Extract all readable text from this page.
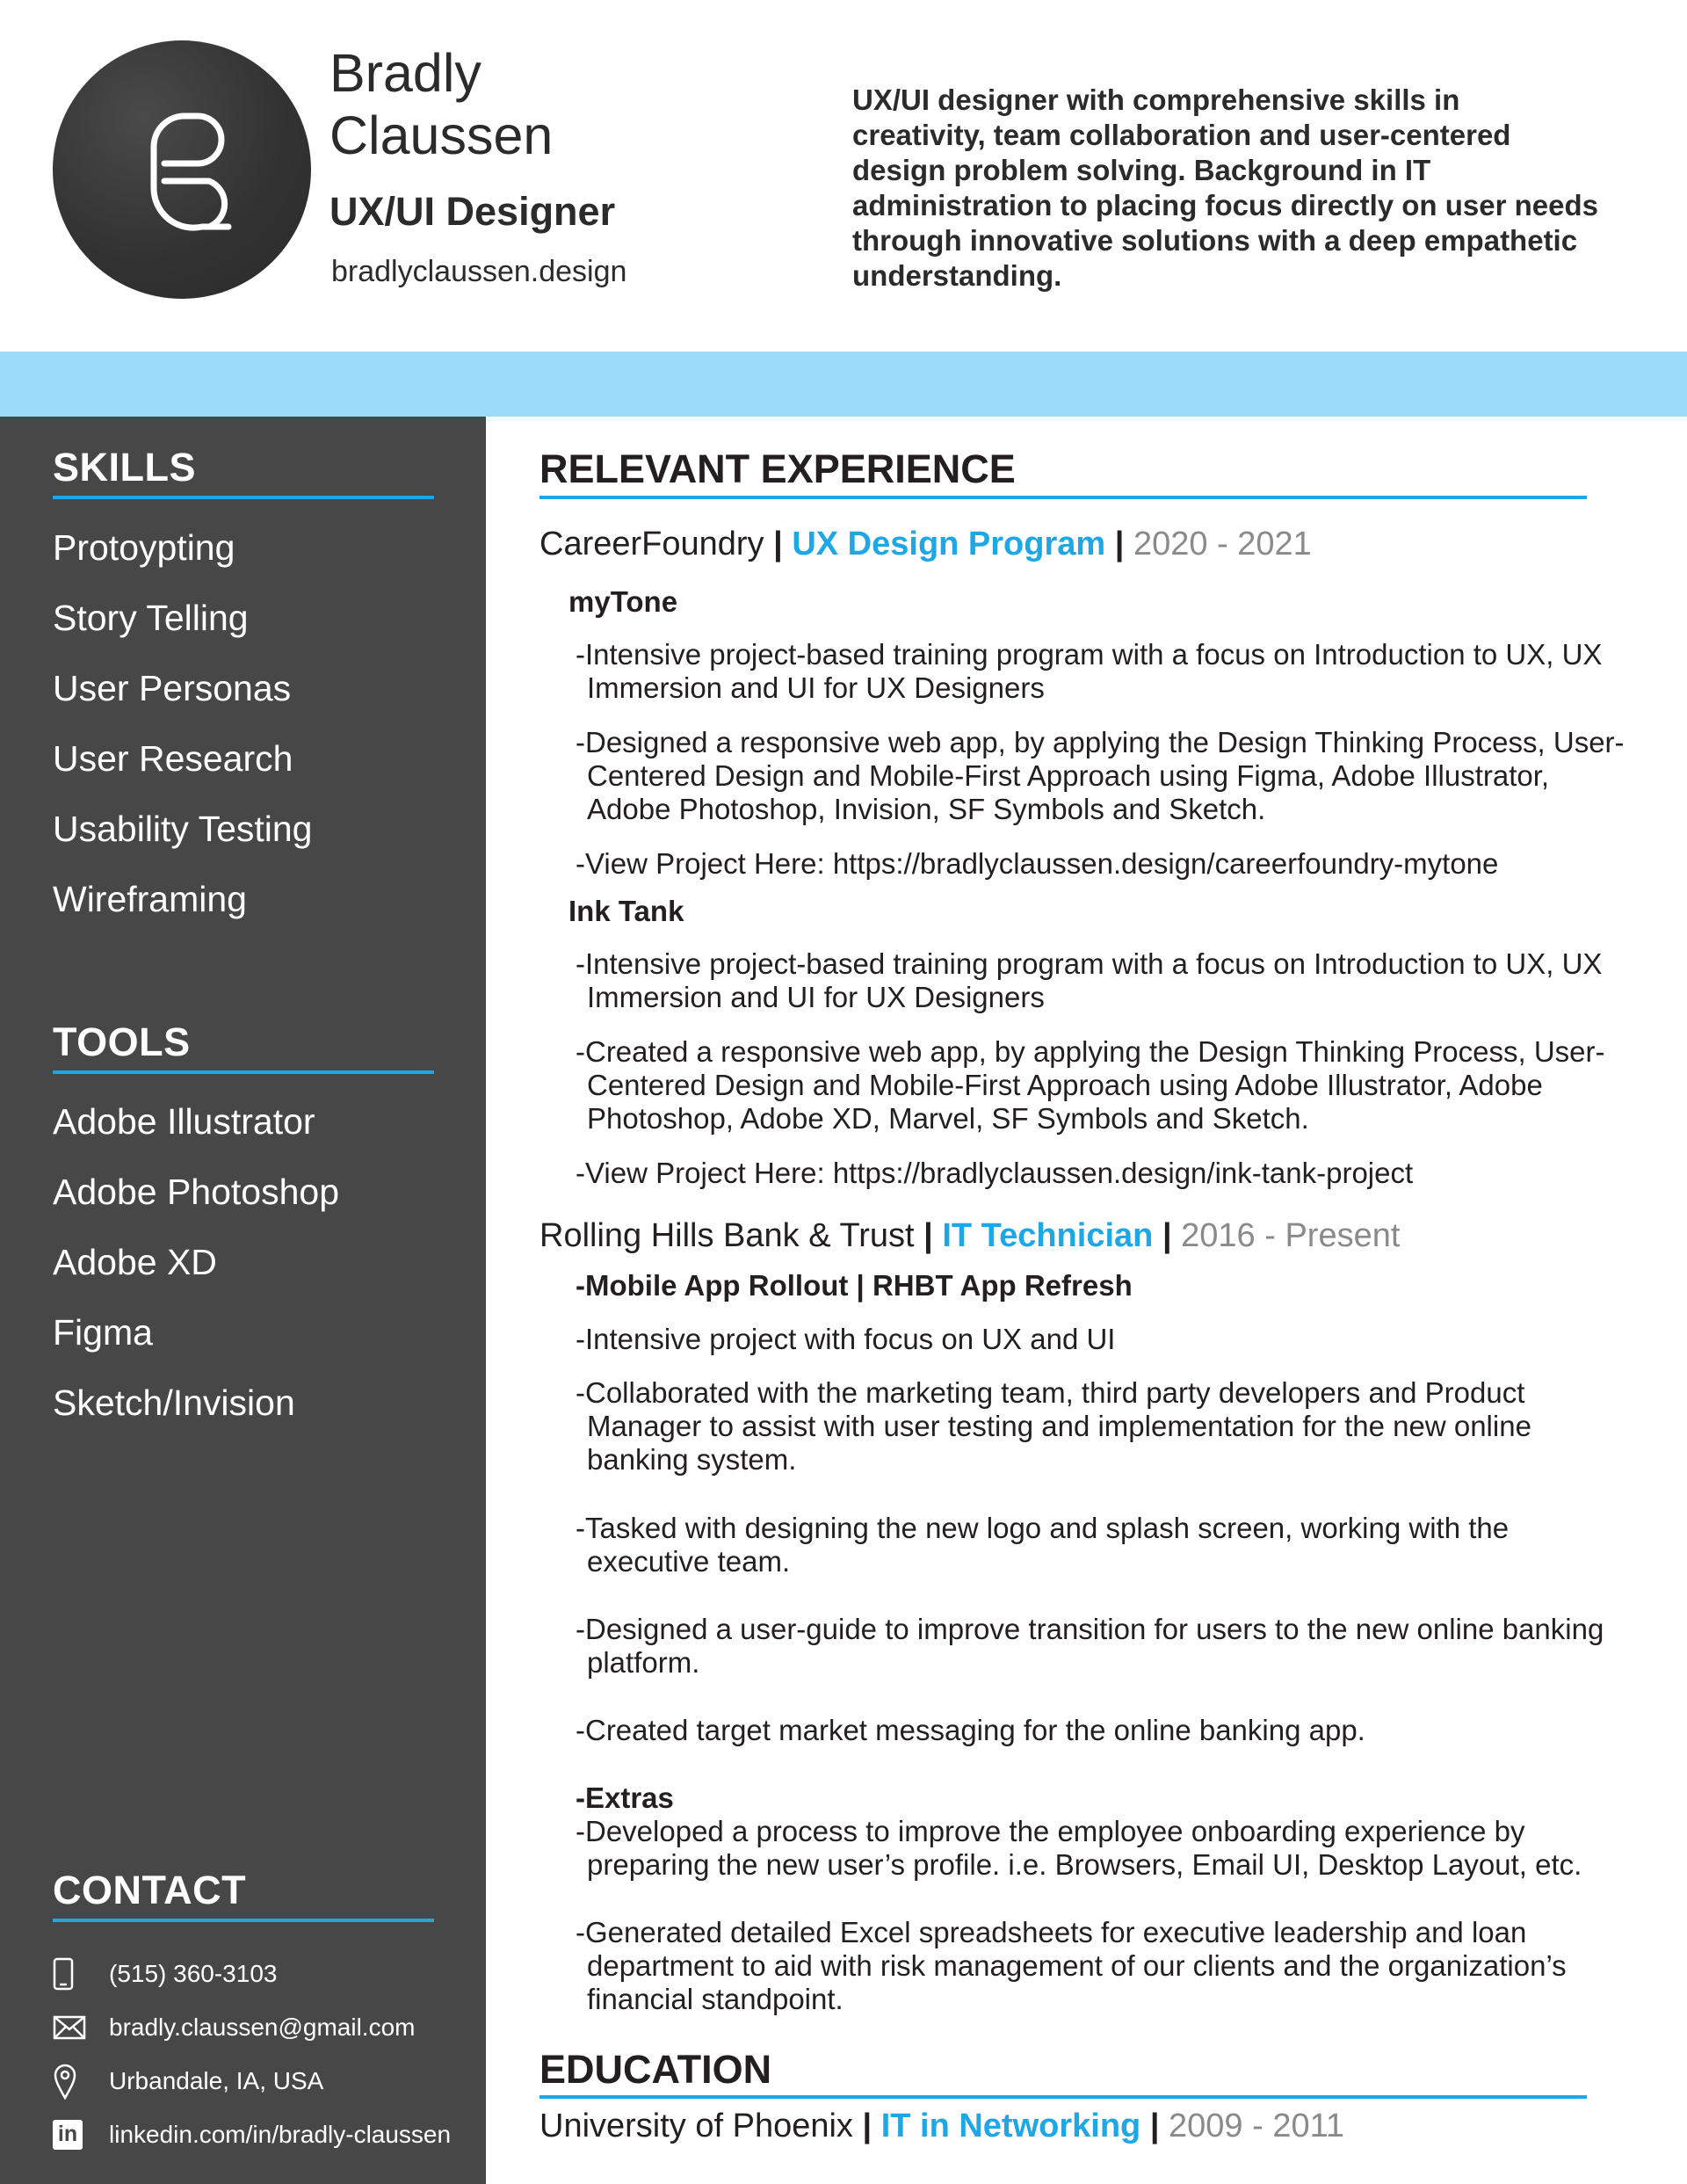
Bradly
Claussen
UX/UI Designer
bradlyclaussen.design
UX/UI designer with comprehensive skills in creativity, team collaboration and user-centered design problem solving. Background in IT administration to placing focus directly on user needs through innovative solutions with a deep empathetic understanding.
SKILLS
Protoypting
Story Telling
User Personas
User Research
Usability Testing
Wireframing
TOOLS
Adobe Illustrator
Adobe Photoshop
Adobe XD
Figma
Sketch/Invision
CONTACT
(515) 360-3103
bradly.claussen@gmail.com
Urbandale, IA, USA
in linkedin.com/in/bradly-claussen
RELEVANT EXPERIENCE
CareerFoundry | UX Design Program | 2020 - 2021
myTone
-Intensive project-based training program with a focus on Introduction to UX, UX Immersion and UI for UX Designers
-Designed a responsive web app, by applying the Design Thinking Process, User-Centered Design and Mobile-First Approach using Figma, Adobe Illustrator, Adobe Photoshop, Invision, SF Symbols and Sketch.
-View Project Here: https://bradlyclaussen.design/careerfoundry-mytone
Ink Tank
-Intensive project-based training program with a focus on Introduction to UX, UX Immersion and UI for UX Designers
-Created a responsive web app, by applying the Design Thinking Process, User-Centered Design and Mobile-First Approach using Adobe Illustrator, Adobe Photoshop, Adobe XD, Marvel, SF Symbols and Sketch.
-View Project Here: https://bradlyclaussen.design/ink-tank-project
Rolling Hills Bank & Trust | IT Technician | 2016 - Present
-Mobile App Rollout | RHBT App Refresh
-Intensive project with focus on UX and UI
-Collaborated with the marketing team, third party developers and Product Manager to assist with user testing and implementation for the new online banking system.
-Tasked with designing the new logo and splash screen, working with the executive team.
-Designed a user-guide to improve transition for users to the new online banking platform.
-Created target market messaging for the online banking app.
-Extras
-Developed a process to improve the employee onboarding experience by preparing the new user’s profile. i.e. Browsers, Email UI, Desktop Layout, etc.
-Generated detailed Excel spreadsheets for executive leadership and loan department to aid with risk management of our clients and the organization’s financial standpoint.
EDUCATION
University of Phoenix | IT in Networking | 2009 - 2011
